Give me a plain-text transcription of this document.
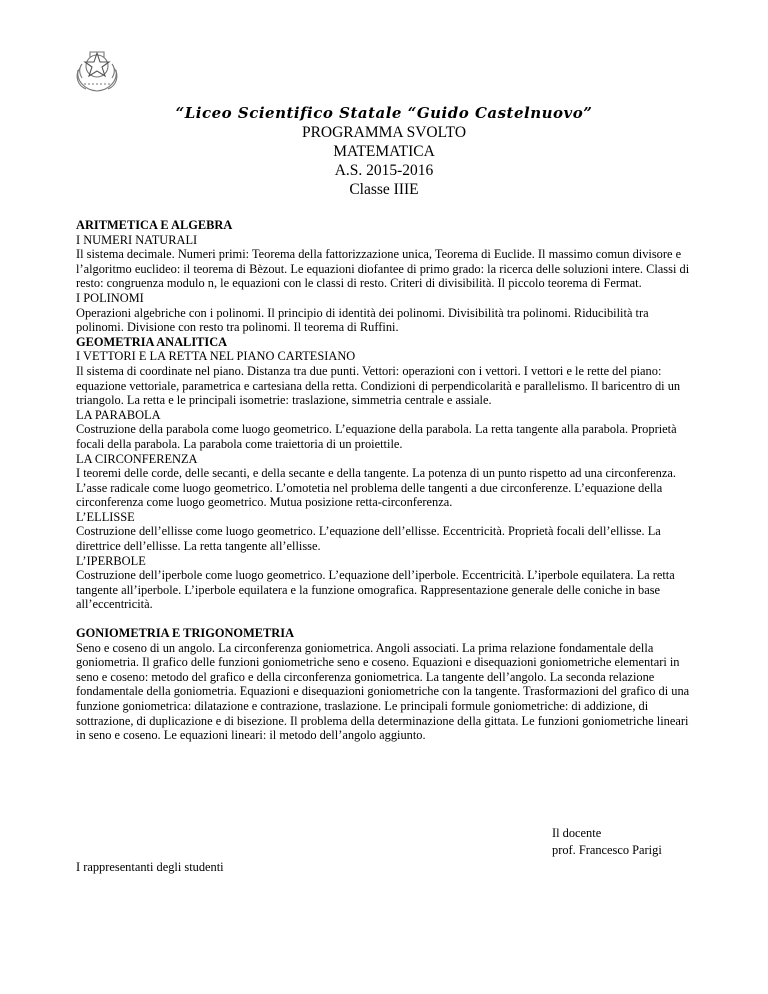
“Liceo Scientifico Statale “Guido Castelnuovo”
PROGRAMMA SVOLTO
MATEMATICA
A.S. 2015-2016
Classe IIIE

ARITMETICA E ALGEBRA

I NUMERI NATURALI

Il sistema decimale. Numeri primi: Teorema della fattorizzazione unica, Teorema di Euclide. Il massimo comun divisore e l’algoritmo euclideo: il teorema di Bèzout. Le equazioni diofantee di primo grado: la ricerca delle soluzioni intere. Classi di resto: congruenza modulo n, le equazioni con le classi di resto. Criteri di divisibilità. Il piccolo teorema di Fermat.

I POLINOMI

Operazioni algebriche con i polinomi. Il principio di identità dei polinomi. Divisibilità tra polinomi. Riducibilità tra polinomi. Divisione con resto tra polinomi. Il teorema di Ruffini.

GEOMETRIA ANALITICA

I VETTORI E LA RETTA NEL PIANO CARTESIANO

Il sistema di coordinate nel piano. Distanza tra due punti. Vettori: operazioni con i vettori. I vettori e le rette del piano: equazione vettoriale, parametrica e cartesiana della retta. Condizioni di perpendicolarità e parallelismo. Il baricentro di un triangolo. La retta e le principali isometrie: traslazione, simmetria centrale e assiale.

LA PARABOLA

Costruzione della parabola come luogo geometrico. L’equazione della parabola. La retta tangente alla parabola. Proprietà focali della parabola. La parabola come traiettoria di un proiettile.

LA CIRCONFERENZA

I teoremi delle corde, delle secanti, e della secante e della tangente. La potenza di un punto rispetto ad una circonferenza. L’asse radicale come luogo geometrico. L’omotetia nel problema delle tangenti a due circonferenze. L’equazione della circonferenza come luogo geometrico. Mutua posizione retta-circonferenza.

L’ELLISSE

Costruzione dell’ellisse come luogo geometrico. L’equazione dell’ellisse. Eccentricità. Proprietà focali dell’ellisse. La direttrice dell’ellisse. La retta tangente all’ellisse.

L’IPERBOLE

Costruzione dell’iperbole come luogo geometrico. L’equazione dell’iperbole. Eccentricità. L’iperbole equilatera. La retta tangente all’iperbole. L’iperbole equilatera e la funzione omografica. Rappresentazione generale delle coniche in base all’eccentricità.

GONIOMETRIA E TRIGONOMETRIA

Seno e coseno di un angolo. La circonferenza goniometrica. Angoli associati. La prima relazione fondamentale della goniometria. Il grafico delle funzioni goniometriche seno e coseno. Equazioni e disequazioni goniometriche elementari in seno e coseno: metodo del grafico e della circonferenza goniometrica. La tangente dell’angolo. La seconda relazione fondamentale della goniometria. Equazioni e disequazioni goniometriche con la tangente. Trasformazioni del grafico di una funzione goniometrica: dilatazione e contrazione, traslazione. Le principali formule goniometriche: di addizione, di sottrazione, di duplicazione e di bisezione. Il problema della determinazione della gittata. Le funzioni goniometriche lineari in seno e coseno. Le equazioni lineari: il metodo dell’angolo aggiunto.

Il docente
prof. Francesco Parigi
I rappresentanti degli studenti
